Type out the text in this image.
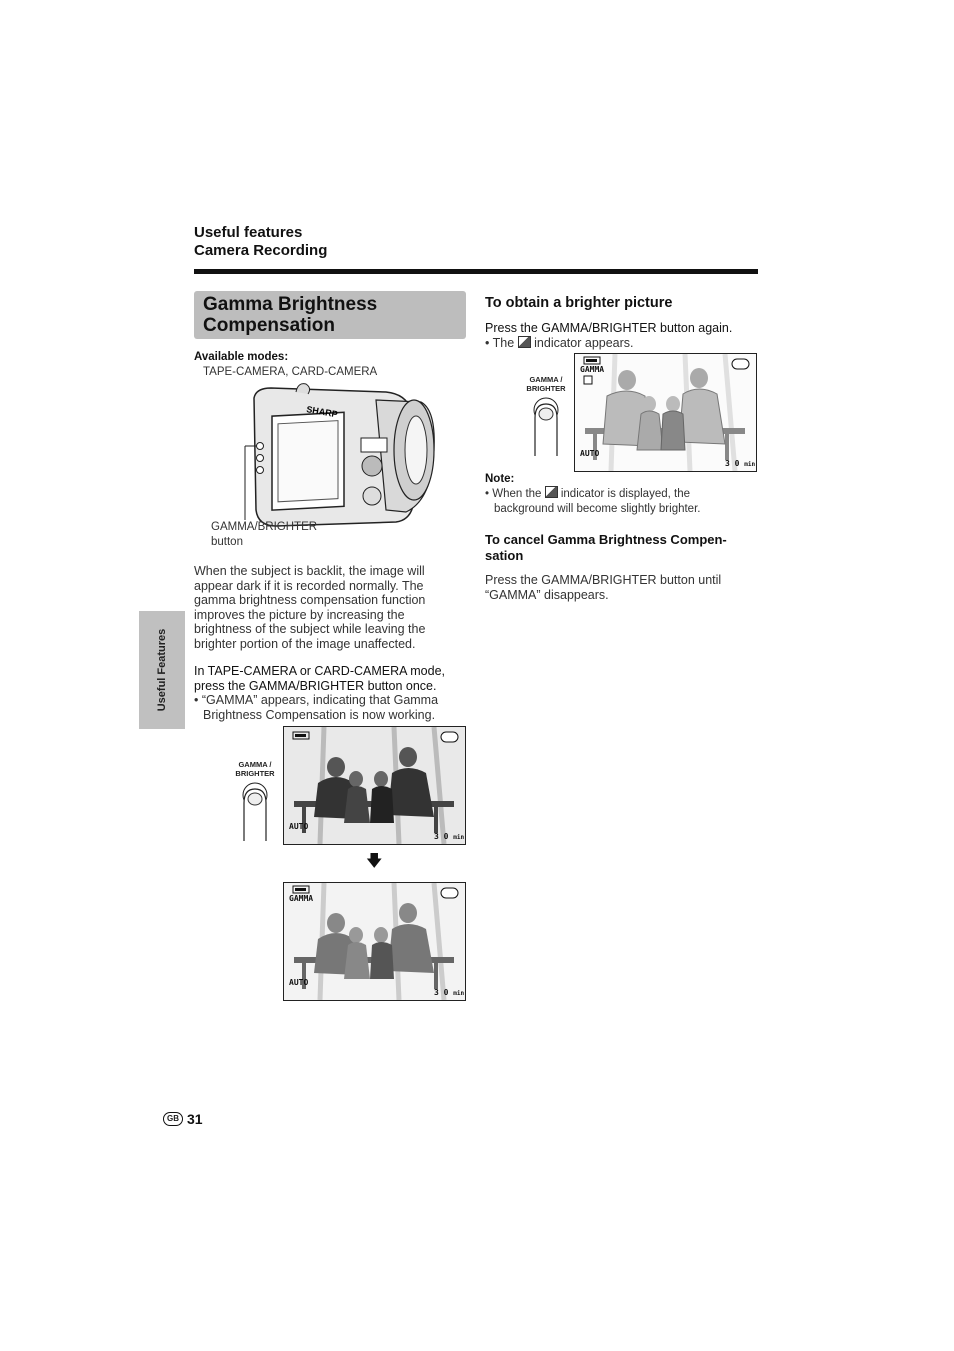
Useful features
Camera Recording
Gamma Brightness Compensation
Available modes:
TAPE-CAMERA, CARD-CAMERA
SHARP
GAMMA/BRIGHTER button
When the subject is backlit, the image will appear dark if it is recorded normally. The gamma brightness compensation function improves the picture by increasing the brightness of the subject while leaving the brighter portion of the image unaffected.
In TAPE-CAMERA or CARD-CAMERA mode, press the GAMMA/BRIGHTER button once.
• “GAMMA” appears, indicating that Gamma Brightness Compensation is now working.
GAMMA /
BRIGHTER
AUTO
3 0 min
🡇
GAMMA
AUTO
3 0 min
To obtain a brighter picture
Press the GAMMA/BRIGHTER button again.
• The indicator appears.
GAMMA /
BRIGHTER
GAMMA
AUTO
3 0 min
Note:
• When the indicator is displayed, the background will become slightly brighter.
To cancel Gamma Brightness Compen-sation
Press the GAMMA/BRIGHTER button until “GAMMA” disappears.
Useful Features
GB 31
